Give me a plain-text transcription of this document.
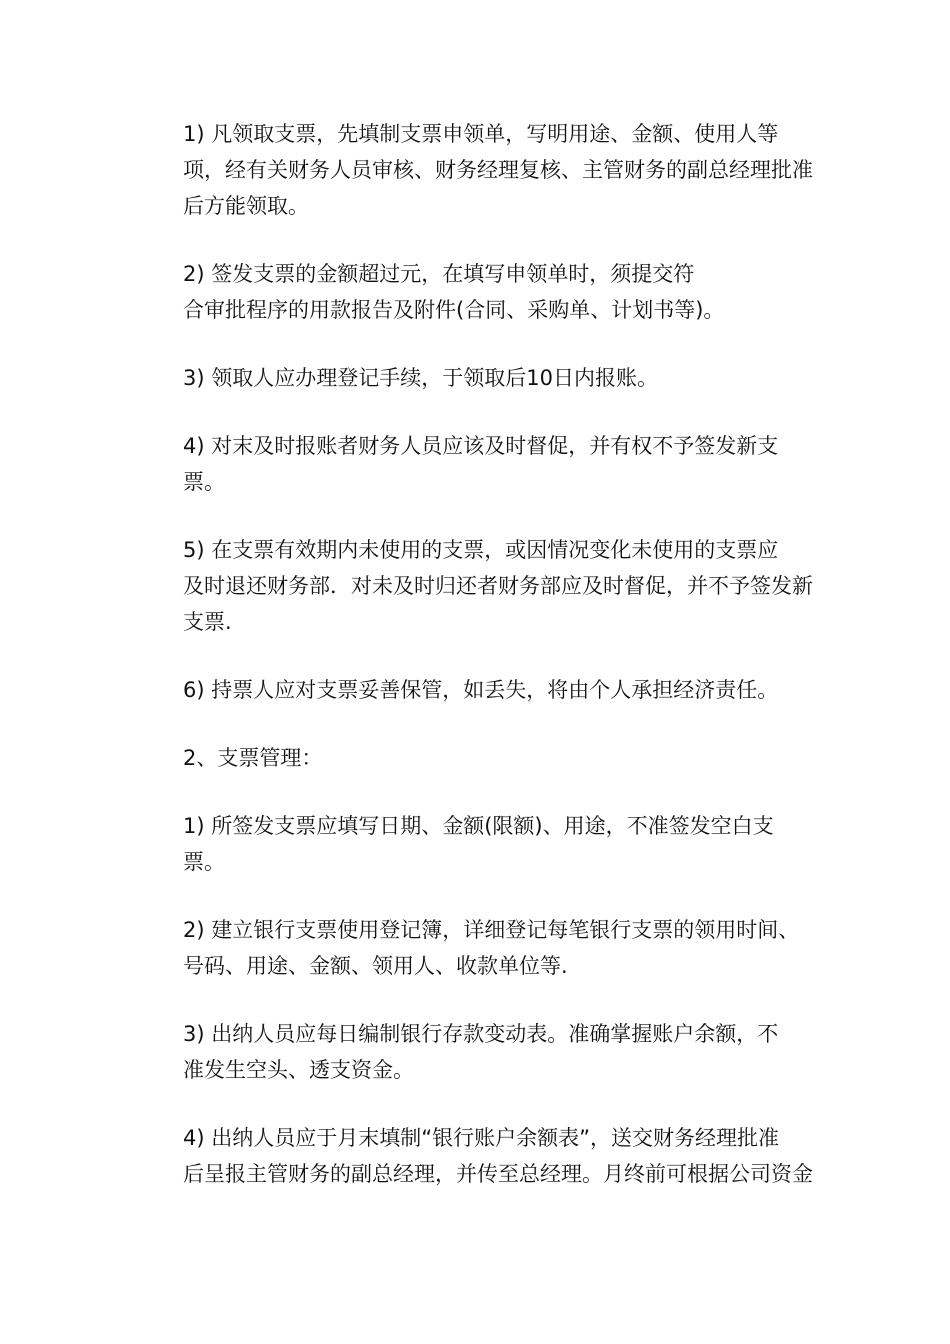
1) 凡领取支票，先填制支票申领单，写明用途、金额、使用人等
项，经有关财务人员审核、财务经理复核、主管财务的副总经理批准
后方能领取。

2) 签发支票的金额超过元，在填写申领单时，须提交符
合审批程序的用款报告及附件(合同、采购单、计划书等)。

3) 领取人应办理登记手续，于领取后10日内报账。

4) 对末及时报账者财务人员应该及时督促，并有权不予签发新支
票。

5) 在支票有效期内未使用的支票，或因情况变化未使用的支票应
及时退还财务部．对未及时归还者财务部应及时督促，并不予签发新
支票.

6) 持票人应对支票妥善保管，如丢失，将由个人承担经济责任。

2、支票管理：

1) 所签发支票应填写日期、金额(限额)、用途，不准签发空白支
票。

2) 建立银行支票使用登记簿，详细登记每笔银行支票的领用时间、
号码、用途、金额、领用人、收款单位等.

3) 出纳人员应每日编制银行存款变动表。准确掌握账户余额，不
准发生空头、透支资金。

4) 出纳人员应于月末填制“银行账户余额表”，送交财务经理批准
后呈报主管财务的副总经理，并传至总经理。月终前可根据公司资金
